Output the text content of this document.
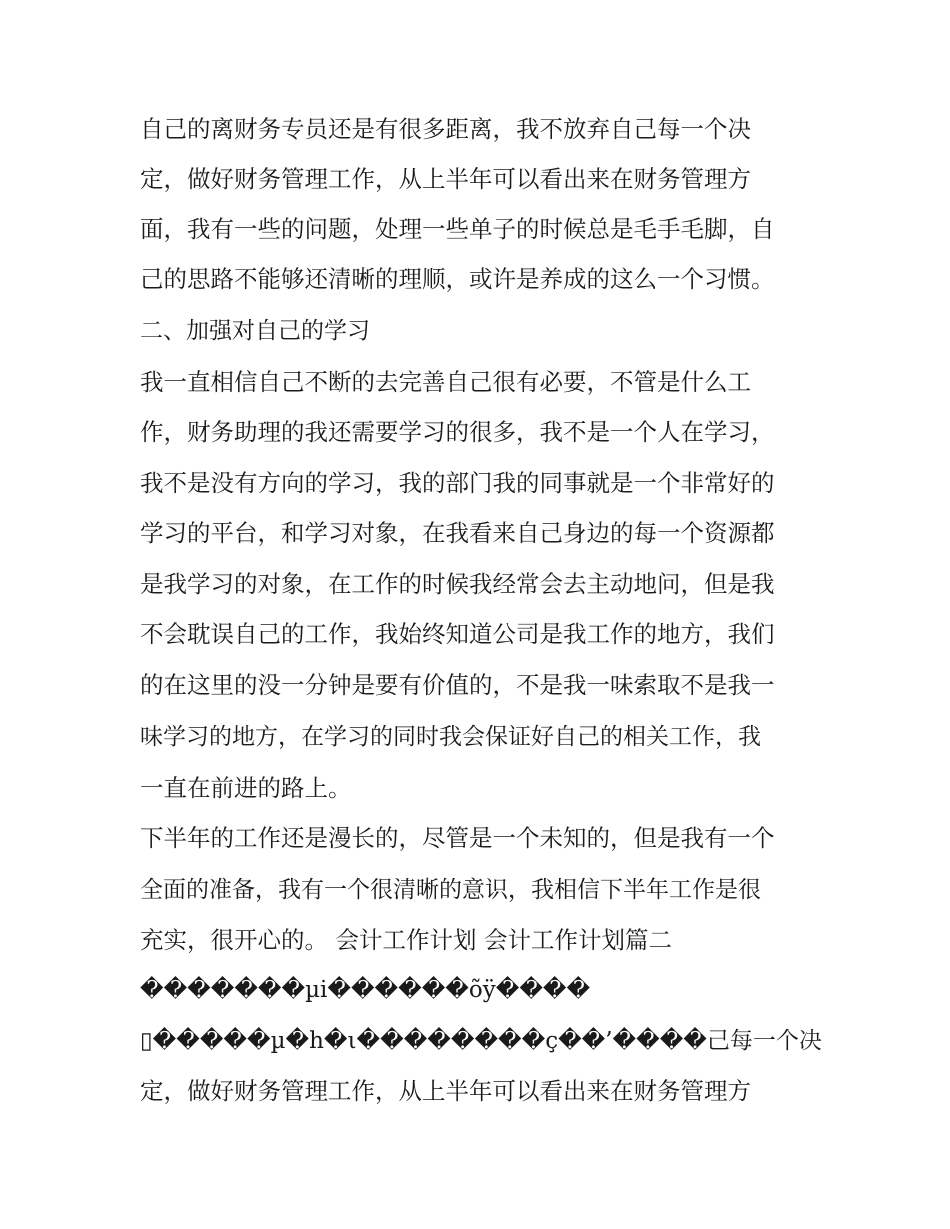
自己的离财务专员还是有很多距离，我不放弃自己每一个决
定，做好财务管理工作，从上半年可以看出来在财务管理方
面，我有一些的问题，处理一些单子的时候总是毛手毛脚，自
己的思路不能够还清晰的理顺，或许是养成的这么一个习惯。
二、加强对自己的学习
我一直相信自己不断的去完善自己很有必要，不管是什么工
作，财务助理的我还需要学习的很多，我不是一个人在学习，
我不是没有方向的学习，我的部门我的同事就是一个非常好的
学习的平台，和学习对象，在我看来自己身边的每一个资源都
是我学习的对象，在工作的时候我经常会去主动地问，但是我
不会耽误自己的工作，我始终知道公司是我工作的地方，我们
的在这里的没一分钟是要有价值的，不是我一味索取不是我一
味学习的地方，在学习的同时我会保证好自己的相关工作，我
一直在前进的路上。
下半年的工作还是漫长的，尽管是一个未知的，但是我有一个
全面的准备，我有一个很清晰的意识，我相信下半年工作是很
充实，很开心的。 会计工作计划 会计工作计划篇二
�������µi������õÿ����
▯�����µ�h�ι��������ç��’����己每一个决
定，做好财务管理工作，从上半年可以看出来在财务管理方
